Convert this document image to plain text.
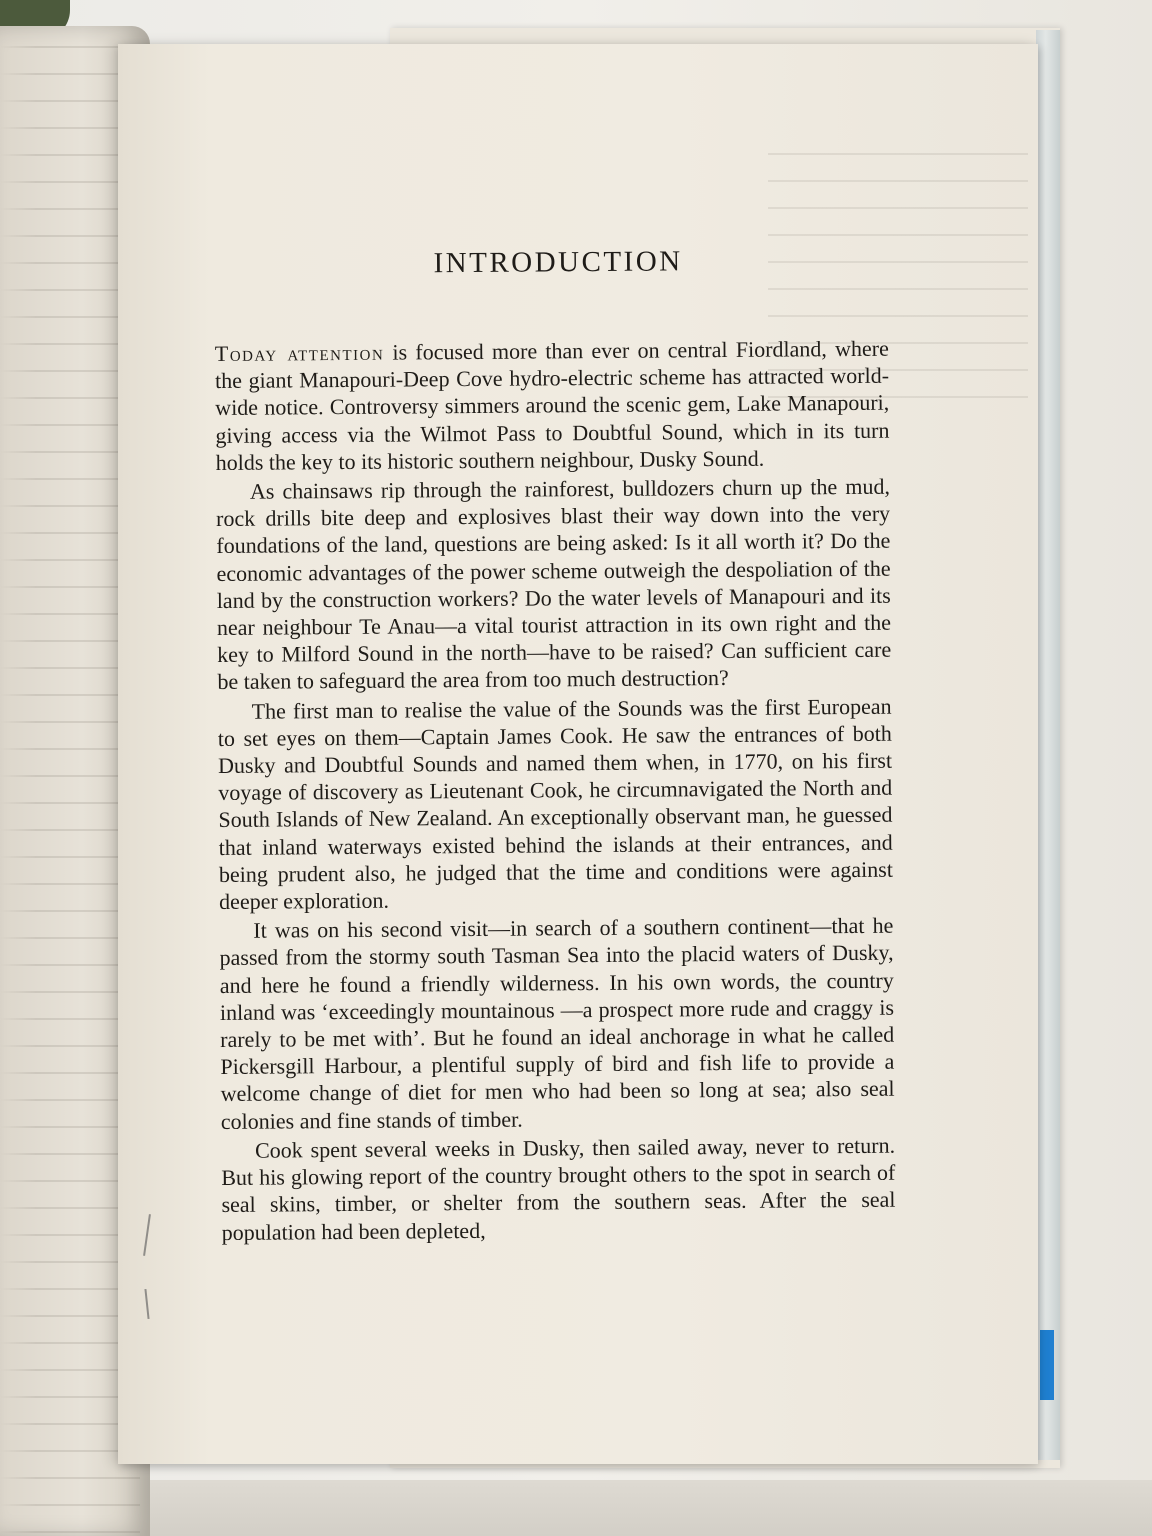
INTRODUCTION

Today attention is focused more than ever on central Fiordland, where the giant Manapouri-Deep Cove hydro-electric scheme has attracted world-wide notice. Controversy simmers around the scenic gem, Lake Manapouri, giving access via the Wilmot Pass to Doubtful Sound, which in its turn holds the key to its historic southern neighbour, Dusky Sound.

As chainsaws rip through the rainforest, bulldozers churn up the mud, rock drills bite deep and explosives blast their way down into the very foundations of the land, questions are being asked: Is it all worth it? Do the economic advantages of the power scheme outweigh the despoliation of the land by the construction workers? Do the water levels of Manapouri and its near neighbour Te Anau—a vital tourist attraction in its own right and the key to Milford Sound in the north—have to be raised? Can sufficient care be taken to safeguard the area from too much destruction?

The first man to realise the value of the Sounds was the first European to set eyes on them—Captain James Cook. He saw the entrances of both Dusky and Doubtful Sounds and named them when, in 1770, on his first voyage of discovery as Lieutenant Cook, he circumnavigated the North and South Islands of New Zealand. An exceptionally observant man, he guessed that inland waterways existed behind the islands at their entrances, and being prudent also, he judged that the time and conditions were against deeper exploration.

It was on his second visit—in search of a southern continent—that he passed from the stormy south Tasman Sea into the placid waters of Dusky, and here he found a friendly wilderness. In his own words, the country inland was ‘exceedingly mountainous —a prospect more rude and craggy is rarely to be met with’. But he found an ideal anchorage in what he called Pickersgill Harbour, a plentiful supply of bird and fish life to provide a welcome change of diet for men who had been so long at sea; also seal colonies and fine stands of timber.

Cook spent several weeks in Dusky, then sailed away, never to return. But his glowing report of the country brought others to the spot in search of seal skins, timber, or shelter from the southern seas. After the seal population had been depleted,
